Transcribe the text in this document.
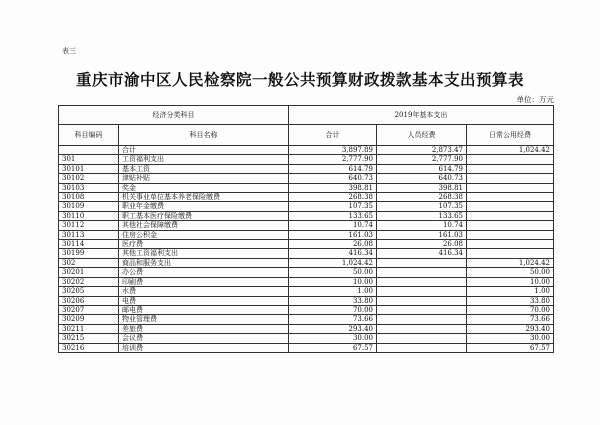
表三
重庆市渝中区人民检察院一般公共预算财政拨款基本支出预算表
单位：万元
经济分类科目		2019年基本支出		
科目编码	科目名称	合计	人员经费	日常公用经费
	合计	3,897.89	2,873.47	1,024.42
301	工资福利支出	2,777.90	2,777.90	
30101	基本工资	614.79	614.79	
30102	津贴补贴	640.73	640.73	
30103	奖金	398.81	398.81	
30108	机关事业单位基本养老保险缴费	268.38	268.38	
30109	职业年金缴费	107.35	107.35	
30110	职工基本医疗保险缴费	133.65	133.65	
30112	其他社会保障缴费	10.74	10.74	
30113	住房公积金	161.03	161.03	
30114	医疗费	26.08	26.08	
30199	其他工资福利支出	416.34	416.34	
302	商品和服务支出	1,024.42		1,024.42
30201	办公费	50.00		50.00
30202	印刷费	10.00		10.00
30205	水费	1.00		1.00
30206	电费	33.80		33.80
30207	邮电费	70.00		70.00
30209	物业管理费	73.66		73.66
30211	差旅费	293.40		293.40
30215	会议费	30.00		30.00
30216	培训费	67.57		67.57
